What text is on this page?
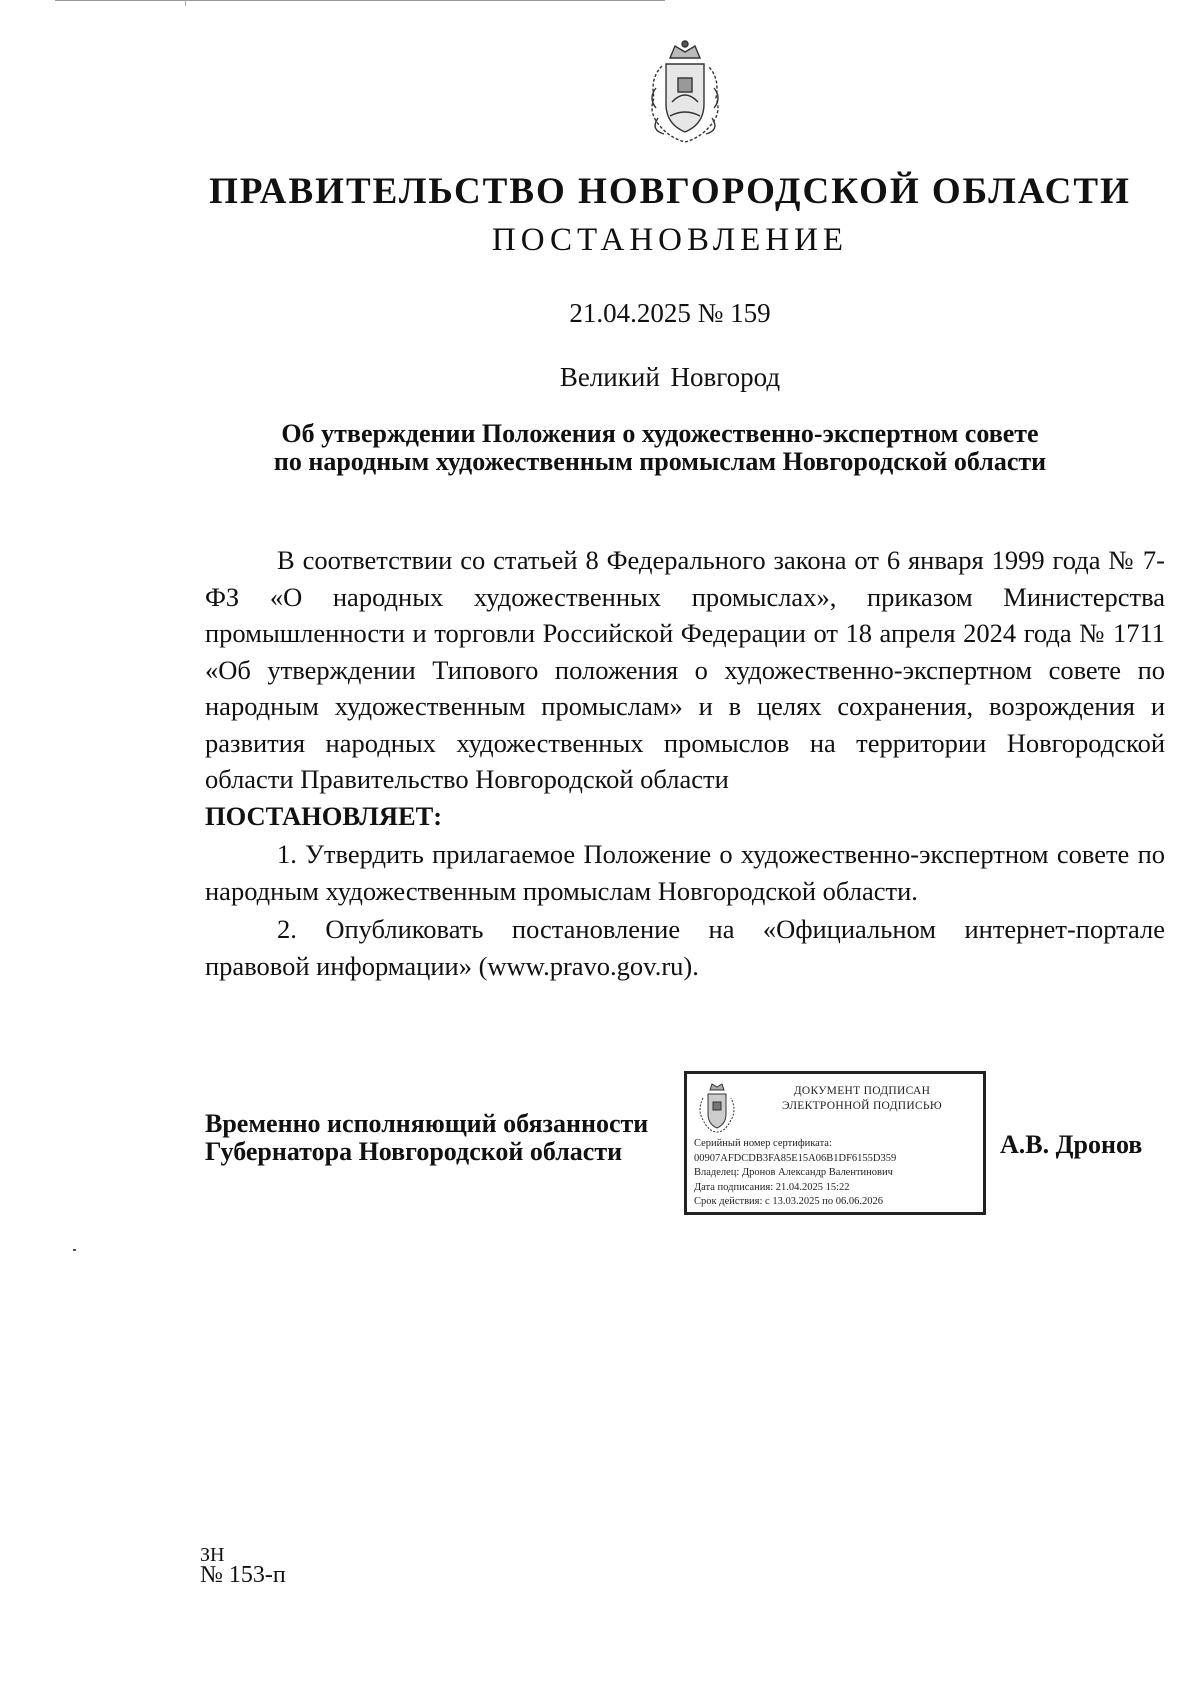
ПРАВИТЕЛЬСТВО НОВГОРОДСКОЙ ОБЛАСТИ
ПОСТАНОВЛЕНИЕ
21.04.2025 № 159
Великий Новгород
Об утверждении Положения о художественно-экспертном совете
по народным художественным промыслам Новгородской области

В соответствии со статьей 8 Федерального закона от 6 января 1999 года № 7-ФЗ «О народных художественных промыслах», приказом Министерства промышленности и торговли Российской Федерации от 18 апреля 2024 года № 1711 «Об утверждении Типового положения о художественно-экспертном совете по народным художественным промыслам» и в целях сохранения, возрождения и развития народных художественных промыслов на территории Новгородской области Правительство Новгородской области
ПОСТАНОВЛЯЕТ:

1. Утвердить прилагаемое Положение о художественно-экспертном совете по народным художественным промыслам Новгородской области.

2. Опубликовать постановление на «Официальном интернет-портале правовой информации» (www.pravo.gov.ru).

Временно исполняющий обязанности
Губернатора Новгородской области
ДОКУМЕНТ ПОДПИСАН
ЭЛЕКТРОННОЙ ПОДПИСЬЮ
Серийный номер сертификата:
00907AFDCDB3FA85E15A06B1DF6155D359
Владелец: Дронов Александр Валентинович
Дата подписания: 21.04.2025 15:22
Срок действия: с 13.03.2025 по 06.06.2026
А.В. Дронов
ЗН
№ 153-п
